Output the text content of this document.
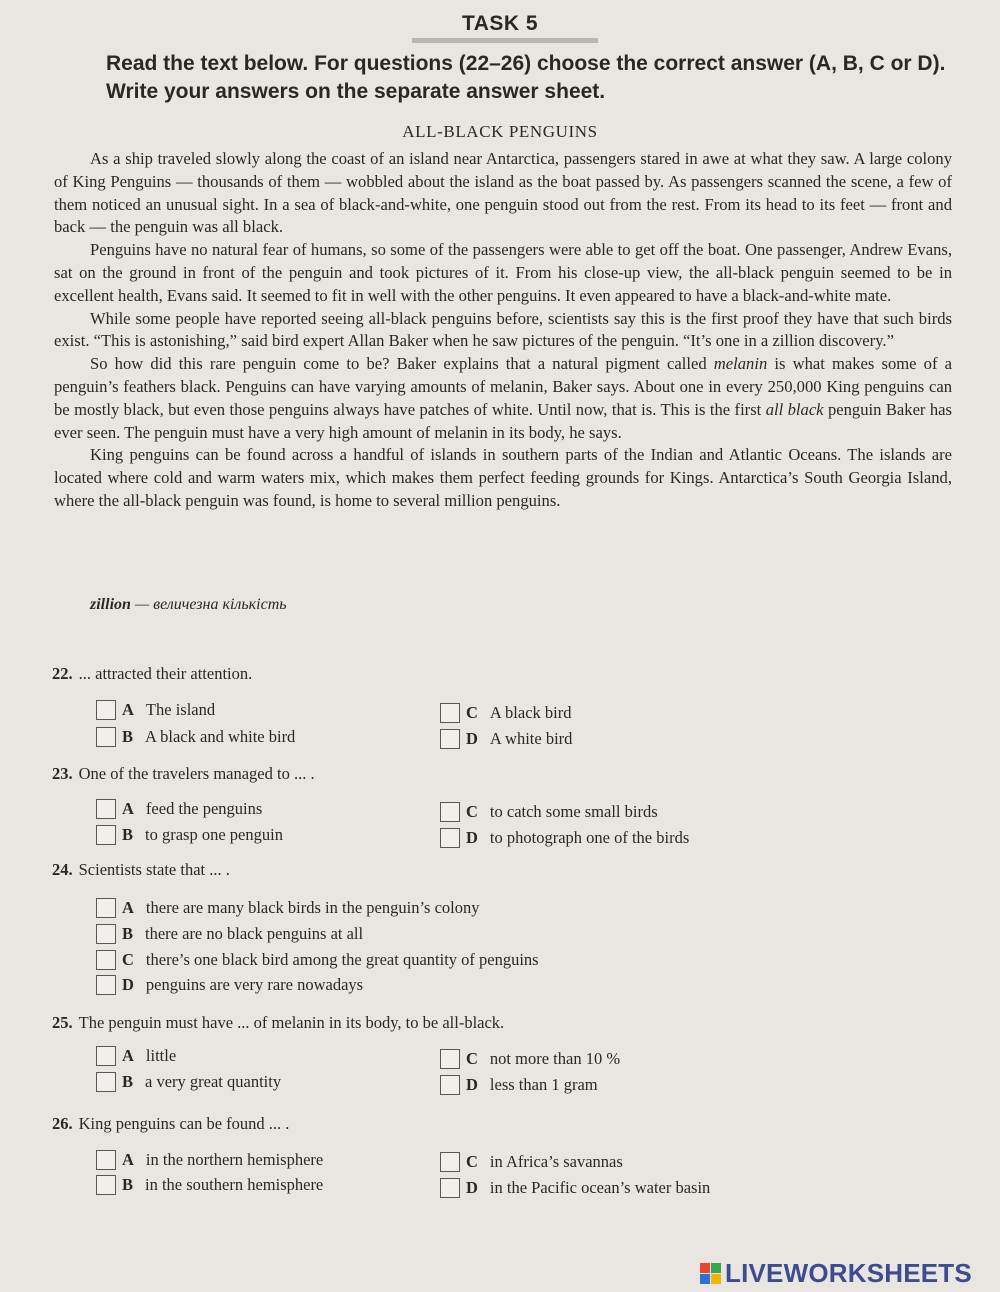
TASK 5
Read the text below. For questions (22–26) choose the correct answer (A, B, C or D). Write your answers on the separate answer sheet.
ALL-BLACK PENGUINS

As a ship traveled slowly along the coast of an island near Antarctica, passengers stared in awe at what they saw. A large colony of King Penguins — thousands of them — wobbled about the island as the boat passed by. As passengers scanned the scene, a few of them noticed an unusual sight. In a sea of black-and-white, one penguin stood out from the rest. From its head to its feet — front and back — the penguin was all black.

Penguins have no natural fear of humans, so some of the passengers were able to get off the boat. One passenger, Andrew Evans, sat on the ground in front of the penguin and took pictures of it. From his close-up view, the all-black penguin seemed to be in excellent health, Evans said. It seemed to fit in well with the other penguins. It even appeared to have a black-and-white mate.

While some people have reported seeing all-black penguins before, scientists say this is the first proof they have that such birds exist. “This is astonishing,” said bird expert Allan Baker when he saw pictures of the penguin. “It’s one in a zillion discovery.”

So how did this rare penguin come to be? Baker explains that a natural pigment called melanin is what makes some of a penguin’s feathers black. Penguins can have varying amounts of melanin, Baker says. About one in every 250,000 King penguins can be mostly black, but even those penguins always have patches of white. Until now, that is. This is the first all black penguin Baker has ever seen. The penguin must have a very high amount of melanin in its body, he says.

King penguins can be found across a handful of islands in southern parts of the Indian and Atlantic Oceans. The islands are located where cold and warm waters mix, which makes them perfect feeding grounds for Kings. Antarctica’s South Georgia Island, where the all-black penguin was found, is home to several million penguins.

zillion — величезна кількість
22. ... attracted their attention.
A The island
B A black and white bird
C A black bird
D A white bird
23. One of the travelers managed to ... .
A feed the penguins
B to grasp one penguin
C to catch some small birds
D to photograph one of the birds
24. Scientists state that ... .
A there are many black birds in the penguin’s colony
B there are no black penguins at all
C there’s one black bird among the great quantity of penguins
D penguins are very rare nowadays
25. The penguin must have ... of melanin in its body, to be all-black.
A little
B a very great quantity
C not more than 10 %
D less than 1 gram
26. King penguins can be found ... .
A in the northern hemisphere
B in the southern hemisphere
C in Africa’s savannas
D in the Pacific ocean’s water basin
LIVEWORKSHEETS
